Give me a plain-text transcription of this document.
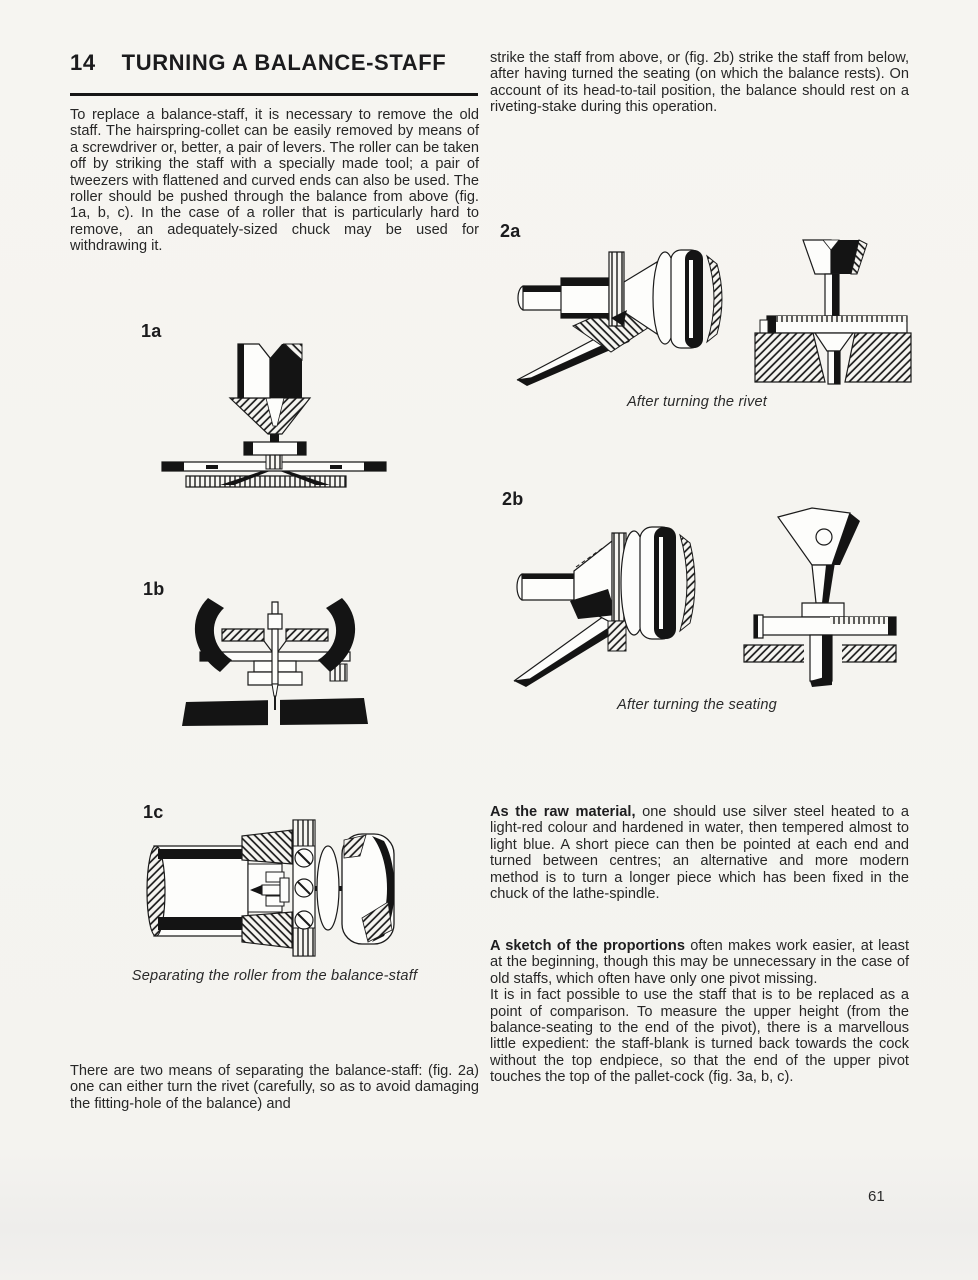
14 TURNING A BALANCE-STAFF

To replace a balance-staff, it is necessary to remove the old staff. The hairspring-collet can be easily removed by means of a screwdriver or, better, a pair of levers. The roller can be taken off by striking the staff with a specially made tool; a pair of tweezers with flattened and curved ends can also be used. The roller should be pushed through the balance from above (fig. 1a, b, c). In the case of a roller that is particularly hard to remove, an adequately-sized chuck may be used for withdrawing it.

strike the staff from above, or (fig. 2b) strike the staff from below, after having turned the seating (on which the balance rests). On account of its head-to-tail position, the balance should rest on a riveting-stake during this operation.

2a
After turning the rivet
2b
After turning the seating
1a
1b
1c
Separating the roller from the balance-staff

There are two means of separating the balance-staff: (fig. 2a) one can either turn the rivet (carefully, so as to avoid damaging the fitting-hole of the balance) and

As the raw material, one should use silver steel heated to a light-red colour and hardened in water, then tempered almost to light blue. A short piece can then be pointed at each end and turned between centres; an alternative and more modern method is to turn a longer piece which has been fixed in the chuck of the lathe-spindle.

A sketch of the proportions often makes work easier, at least at the beginning, though this may be unnecessary in the case of old staffs, which often have only one pivot missing.

It is in fact possible to use the staff that is to be replaced as a point of comparison. To measure the upper height (from the balance-seating to the end of the pivot), there is a marvellous little expedient: the staff-blank is turned back towards the cock without the top endpiece, so that the end of the upper pivot touches the top of the pallet-cock (fig. 3a, b, c).

61
